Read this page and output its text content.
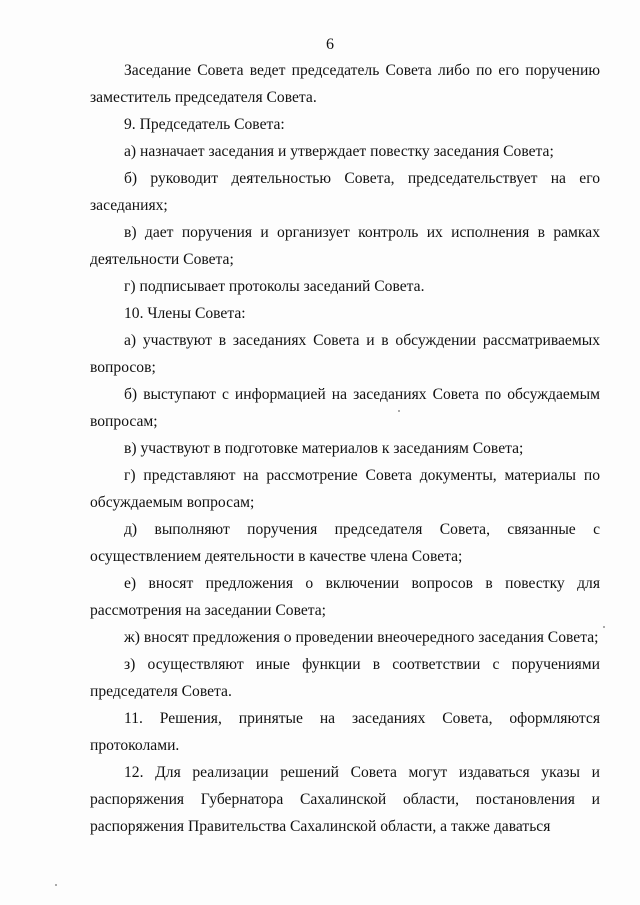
6

Заседание Совета ведет председатель Совета либо по его поручению заместитель председателя Совета.

9. Председатель Совета:

а) назначает заседания и утверждает повестку заседания Совета;

б) руководит деятельностью Совета, председательствует на его заседаниях;

в) дает поручения и организует контроль их исполнения в рамках деятельности Совета;

г) подписывает протоколы заседаний Совета.

10. Члены Совета:

а) участвуют в заседаниях Совета и в обсуждении рассматриваемых вопросов;

б) выступают с информацией на заседаниях Совета по обсуждаемым вопросам;

в) участвуют в подготовке материалов к заседаниям Совета;

г) представляют на рассмотрение Совета документы, материалы по обсуждаемым вопросам;

д) выполняют поручения председателя Совета, связанные с осуществлением деятельности в качестве члена Совета;

е) вносят предложения о включении вопросов в повестку для рассмотрения на заседании Совета;

ж) вносят предложения о проведении внеочередного заседания Совета;

з) осуществляют иные функции в соответствии с поручениями председателя Совета.

11. Решения, принятые на заседаниях Совета, оформляются протоколами.

12. Для реализации решений Совета могут издаваться указы и распоряжения Губернатора Сахалинской области, постановления и распоряжения Правительства Сахалинской области, а также даваться
